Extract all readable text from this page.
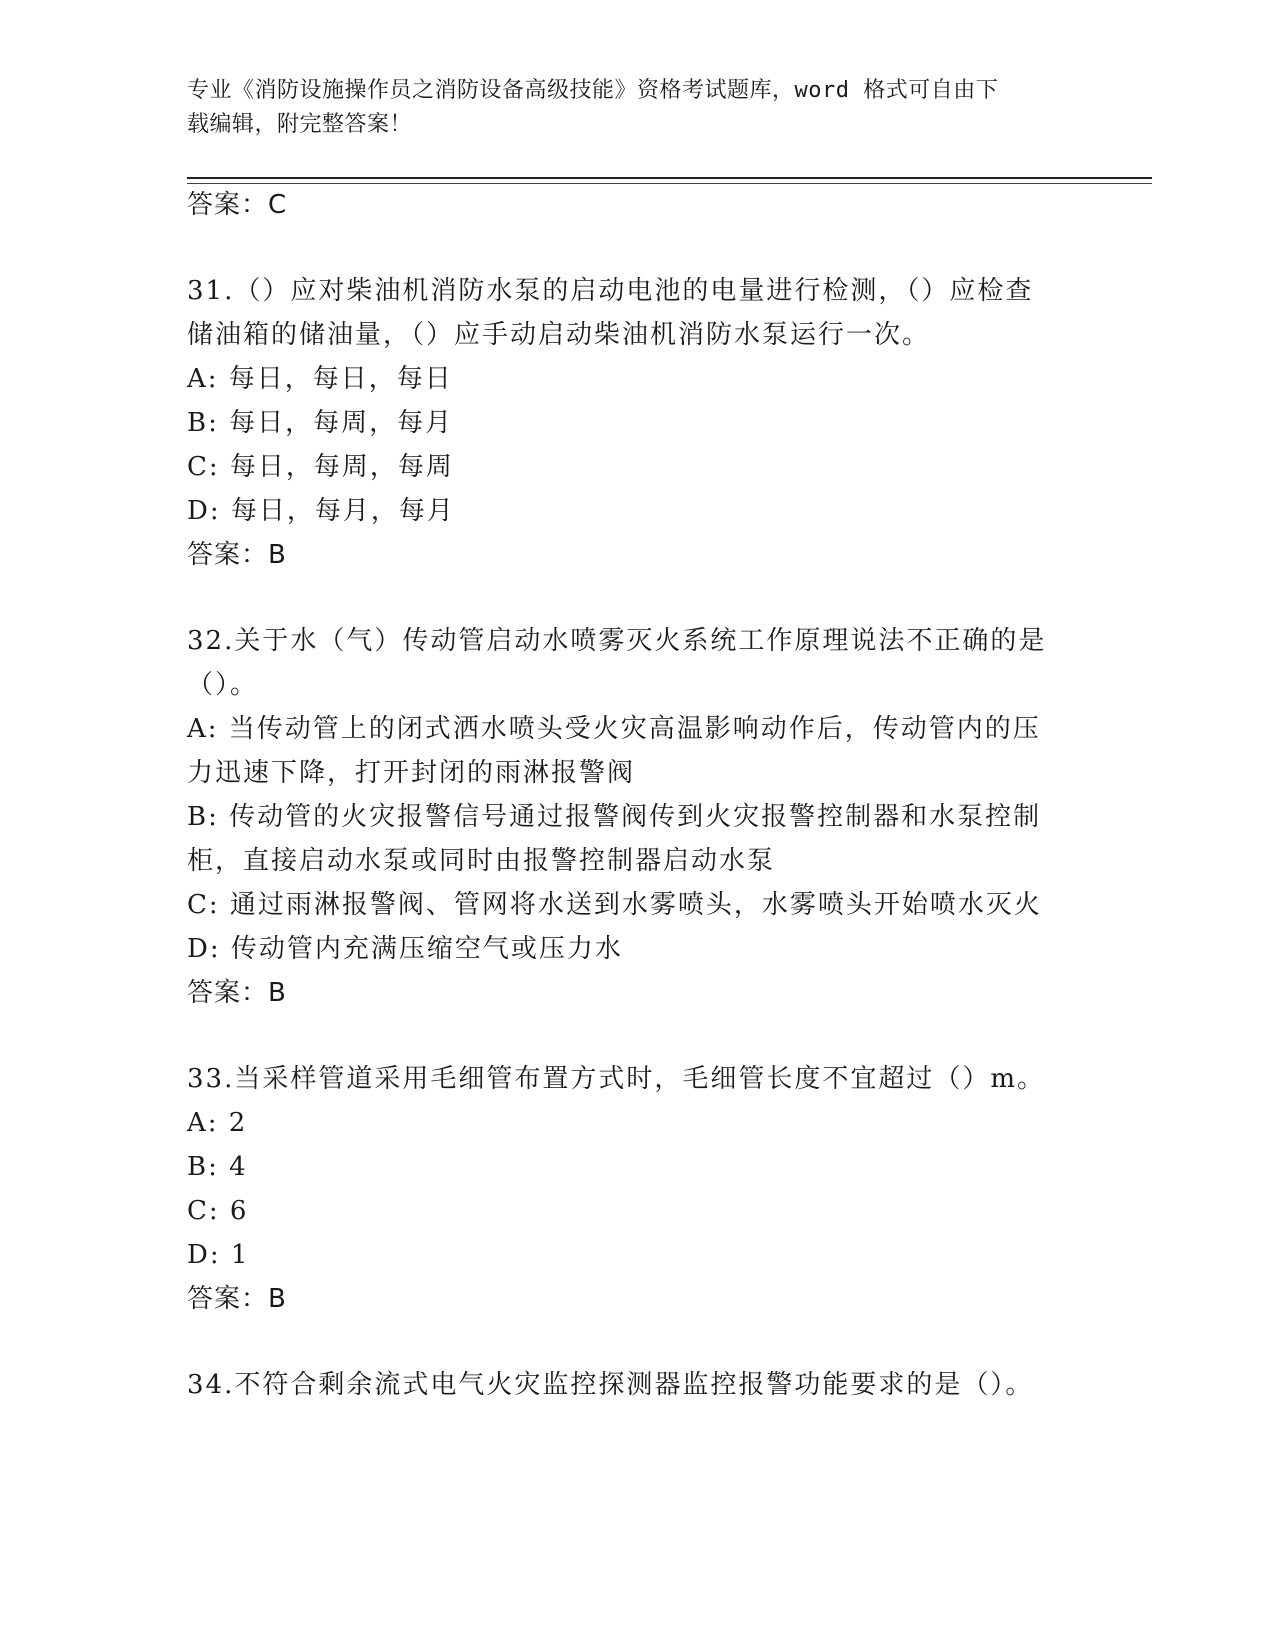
专业《消防设施操作员之消防设备高级技能》资格考试题库，word 格式可自由下
载编辑，附完整答案！

答案：C

31.（）应对柴油机消防水泵的启动电池的电量进行检测，（）应检查

储油箱的储油量，（）应手动启动柴油机消防水泵运行一次。

A: 每日，每日，每日

B: 每日，每周，每月

C: 每日，每周，每周

D: 每日，每月，每月

答案：B

32.关于水（气）传动管启动水喷雾灭火系统工作原理说法不正确的是

（）。

A: 当传动管上的闭式洒水喷头受火灾高温影响动作后，传动管内的压

力迅速下降，打开封闭的雨淋报警阀

B: 传动管的火灾报警信号通过报警阀传到火灾报警控制器和水泵控制

柜，直接启动水泵或同时由报警控制器启动水泵

C: 通过雨淋报警阀、管网将水送到水雾喷头，水雾喷头开始喷水灭火

D: 传动管内充满压缩空气或压力水

答案：B

33.当采样管道采用毛细管布置方式时，毛细管长度不宜超过（）m。

A: 2

B: 4

C: 6

D: 1

答案：B

34.不符合剩余流式电气火灾监控探测器监控报警功能要求的是（）。
